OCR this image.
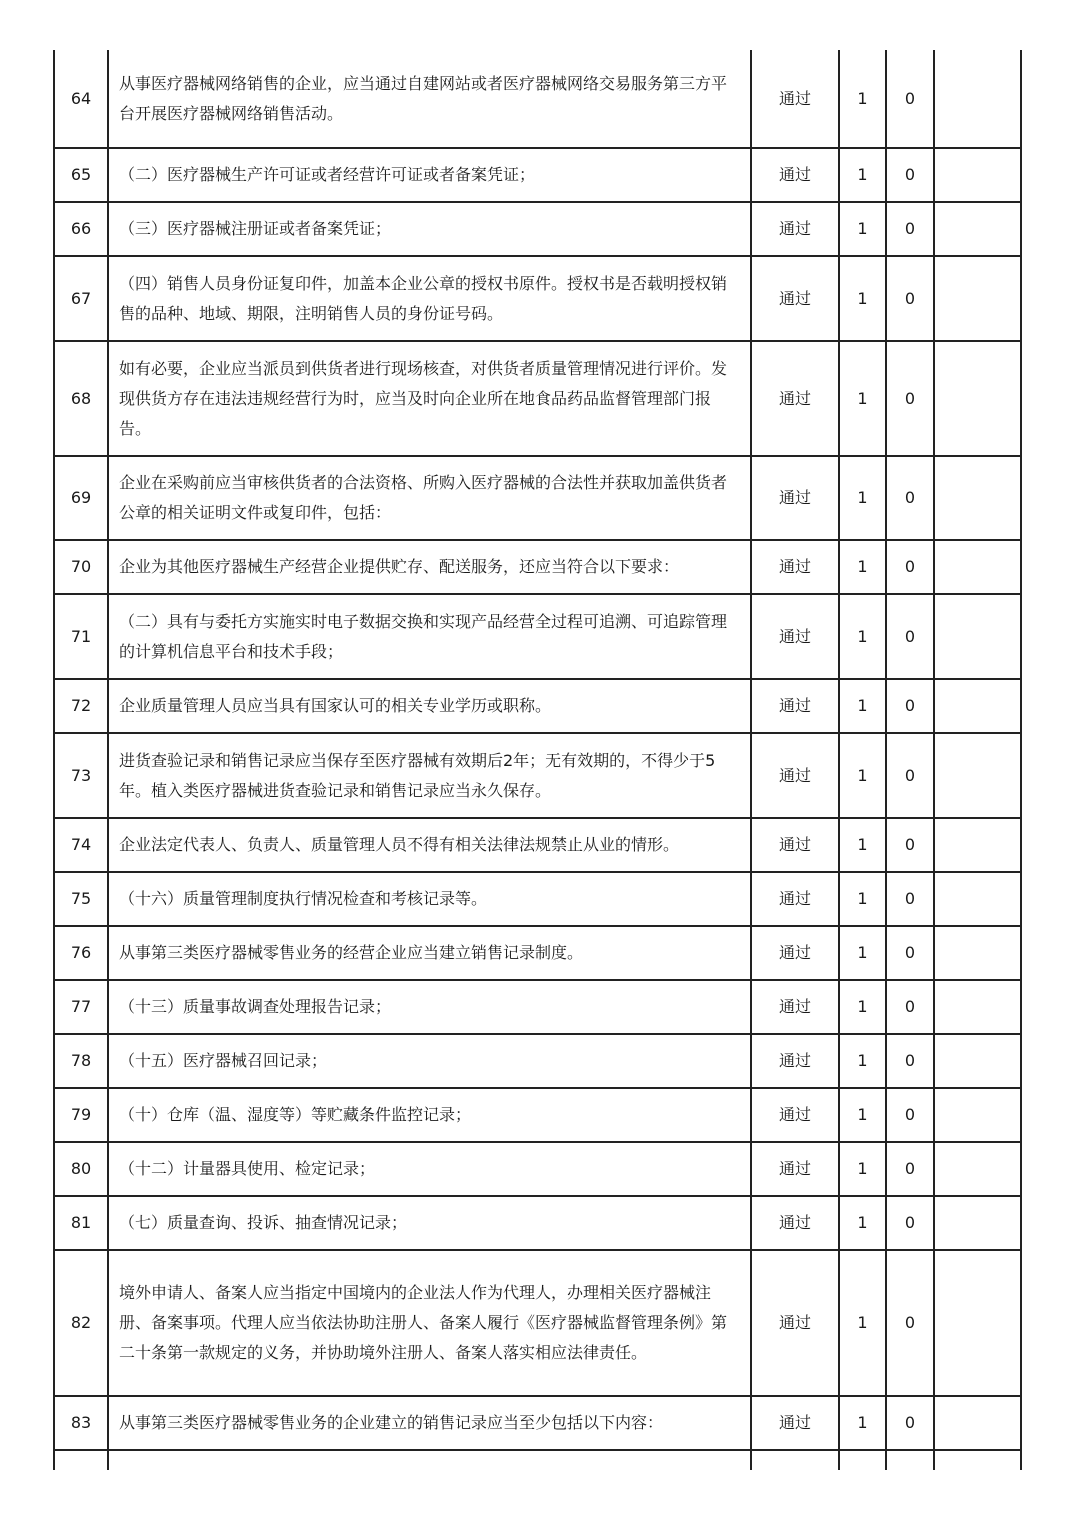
64	从事医疗器械网络销售的企业，应当通过自建网站或者医疗器械网络交易服务第三方平台开展医疗器械网络销售活动。	通过	1	0	
65	（二）医疗器械生产许可证或者经营许可证或者备案凭证；	通过	1	0	
66	（三）医疗器械注册证或者备案凭证；	通过	1	0	
67	（四）销售人员身份证复印件，加盖本企业公章的授权书原件。授权书是否载明授权销售的品种、地域、期限，注明销售人员的身份证号码。	通过	1	0	
68	如有必要，企业应当派员到供货者进行现场核查，对供货者质量管理情况进行评价。发现供货方存在违法违规经营行为时，应当及时向企业所在地食品药品监督管理部门报告。	通过	1	0	
69	企业在采购前应当审核供货者的合法资格、所购入医疗器械的合法性并获取加盖供货者公章的相关证明文件或复印件，包括：	通过	1	0	
70	企业为其他医疗器械生产经营企业提供贮存、配送服务，还应当符合以下要求：	通过	1	0	
71	（二）具有与委托方实施实时电子数据交换和实现产品经营全过程可追溯、可追踪管理的计算机信息平台和技术手段；	通过	1	0	
72	企业质量管理人员应当具有国家认可的相关专业学历或职称。	通过	1	0	
73	进货查验记录和销售记录应当保存至医疗器械有效期后2年；无有效期的，不得少于5年。植入类医疗器械进货查验记录和销售记录应当永久保存。	通过	1	0	
74	企业法定代表人、负责人、质量管理人员不得有相关法律法规禁止从业的情形。	通过	1	0	
75	（十六）质量管理制度执行情况检查和考核记录等。	通过	1	0	
76	从事第三类医疗器械零售业务的经营企业应当建立销售记录制度。	通过	1	0	
77	（十三）质量事故调查处理报告记录；	通过	1	0	
78	（十五）医疗器械召回记录；	通过	1	0	
79	（十）仓库（温、湿度等）等贮藏条件监控记录；	通过	1	0	
80	（十二）计量器具使用、检定记录；	通过	1	0	
81	（七）质量查询、投诉、抽查情况记录；	通过	1	0	
82	境外申请人、备案人应当指定中国境内的企业法人作为代理人，办理相关医疗器械注册、备案事项。代理人应当依法协助注册人、备案人履行《医疗器械监督管理条例》第二十条第一款规定的义务，并协助境外注册人、备案人落实相应法律责任。	通过	1	0	
83	从事第三类医疗器械零售业务的企业建立的销售记录应当至少包括以下内容：	通过	1	0	
